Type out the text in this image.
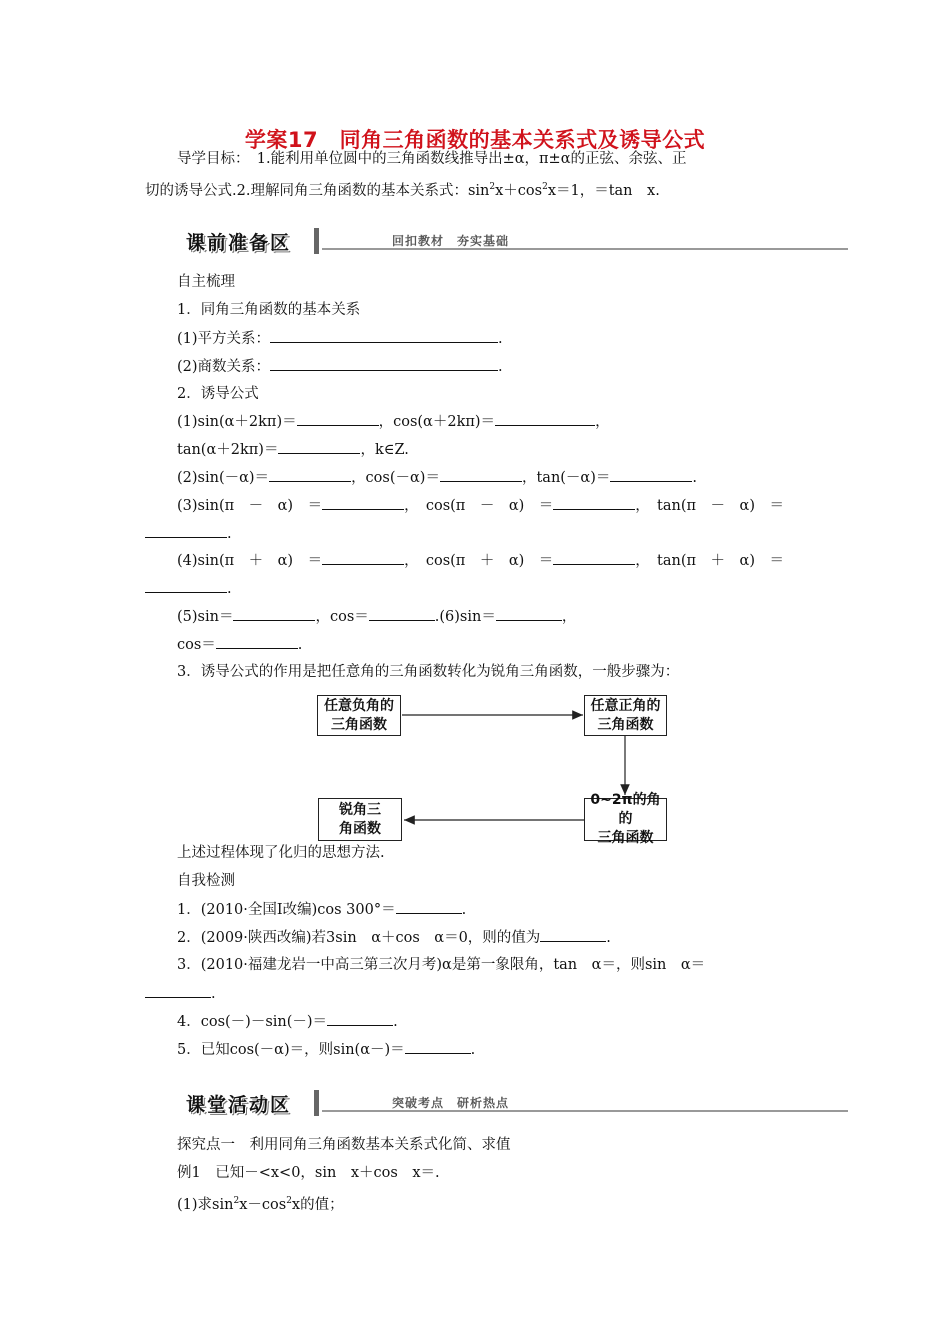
学案17　同角三角函数的基本关系式及诱导公式
导学目标：　1.能利用单位圆中的三角函数线推导出±α，π±α的正弦、余弦、正
切的诱导公式.2.理解同角三角函数的基本关系式：$\sin^2x+\cos^2x=1$，＝tan　x.
课前准备区	回扣教材　夯实基础
自主梳理
1．同角三角函数的基本关系
(1)平方关系：	.
(2)商数关系：	.
2．诱导公式
(1)sin(α＋2kπ)＝	，cos(α＋2kπ)＝	，
tan(α＋2kπ)＝	，k∈Z.
(2)sin(－α)＝	，cos(－α)＝	，tan(－α)＝	.
(3)sin(π　－　α)　＝	，　cos(π　－　α)　＝	，　tan(π　－　α)　＝
.
(4)sin(π　＋　α)　＝	，　cos(π　＋　α)　＝	，　tan(π　＋　α)　＝
.
(5)sin＝	，cos＝	.(6)sin＝	，
cos＝	.
3．诱导公式的作用是把任意角的三角函数转化为锐角三角函数，一般步骤为：
任意负角的
三角函数
任意正角的
三角函数
0~2π的角的
三角函数
锐角三
角函数
上述过程体现了化归的思想方法.
自我检测
1．(2010·全国Ⅰ改编)cos 300°＝	.
2．(2009·陕西改编)若3sin　α＋cos　α＝0，则的值为	.
3．(2010·福建龙岩一中高三第三次月考)α是第一象限角，tan　α＝，则sin　α＝
.
4．cos(－)－sin(－)＝	.
5．已知cos(－α)＝，则sin(α－)＝	.
课堂活动区	突破考点　研析热点
探究点一　利用同角三角函数基本关系式化简、求值
例1　已知－<x<0，sin　x＋cos　x＝.
(1)求$\sin^2x-\cos^2x$的值；
